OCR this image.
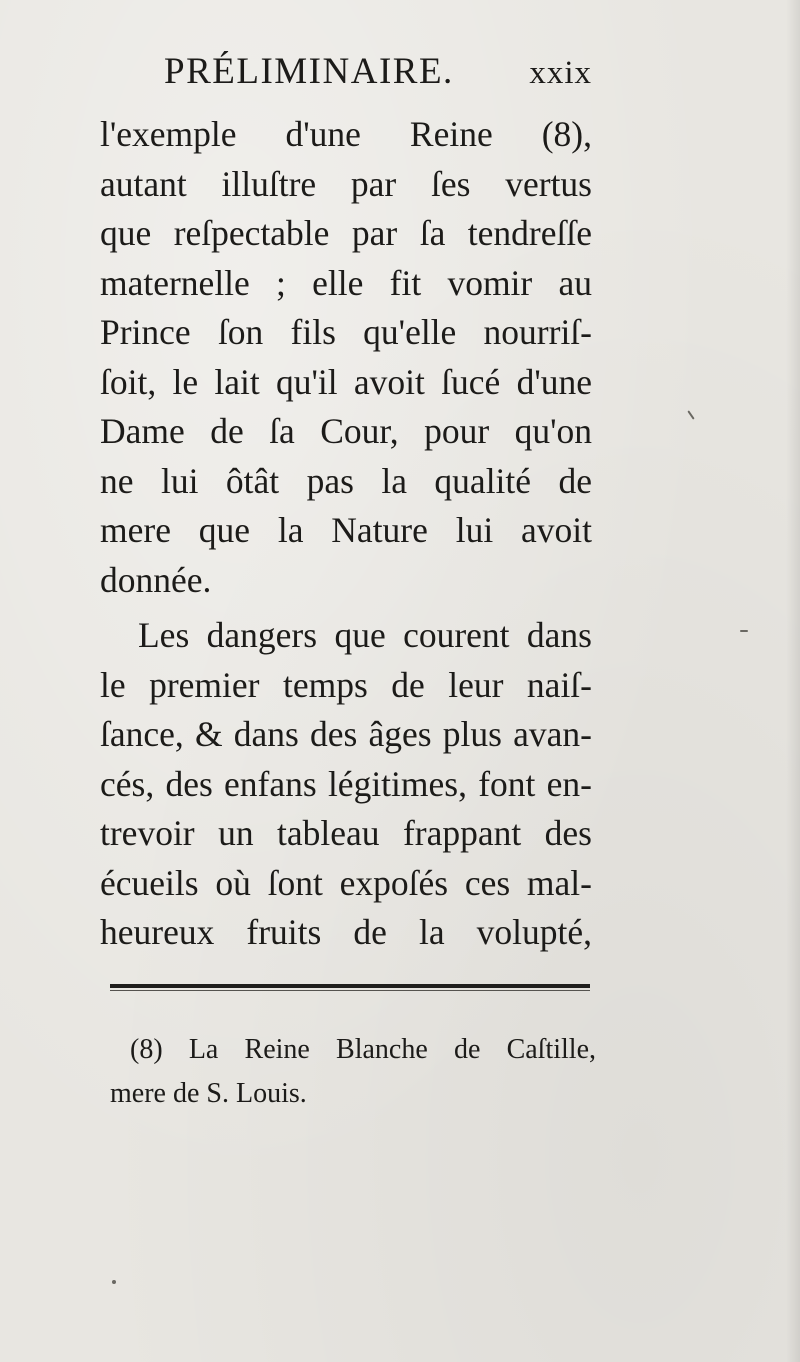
PRÉLIMINAIRE. xxix
l'exemple d'une Reine (8),
autant illuſtre par ſes vertus
que reſpectable par ſa tendreſſe
maternelle ; elle fit vomir au
Prince ſon fils qu'elle nourriſ-
ſoit, le lait qu'il avoit ſucé d'une
Dame de ſa Cour, pour qu'on
ne lui ôtât pas la qualité de
mere que la Nature lui avoit
donnée.
Les dangers que courent dans
le premier temps de leur naiſ-
ſance, & dans des âges plus avan-
cés, des enfans légitimes, font en-
trevoir un tableau frappant des
écueils où ſont expoſés ces mal-
heureux fruits de la volupté,
(8) La Reine Blanche de Caſtille,
mere de S. Louis.
